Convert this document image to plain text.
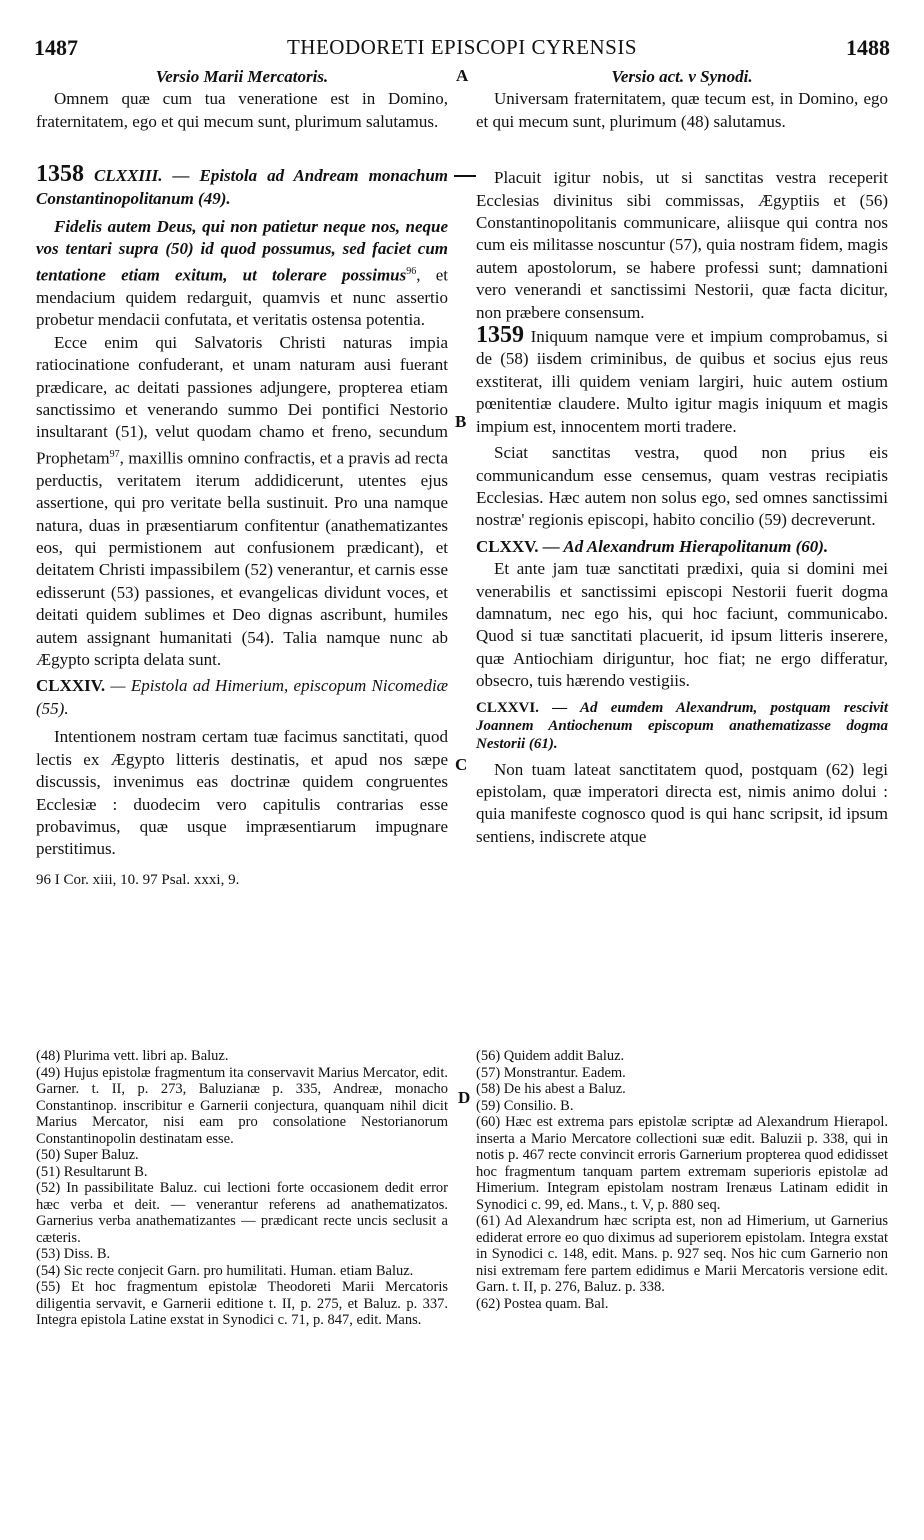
1487	THEODORETI EPISCOPI CYRENSIS	1488
A
B
C
D

Versio Marii Mercatoris.

Omnem quæ cum tua veneratione est in Domino, fraternitatem, ego et qui mecum sunt, plurimum salutamus.

1358 CLXXIII. — Epistola ad Andream monachum Constantinopolitanum (49).

Fidelis autem Deus, qui non patietur neque nos, neque vos tentari supra (50) id quod possumus, sed faciet cum tentatione etiam exitum, ut tolerare possimus$^{96}$, et mendacium quidem redarguit, quamvis et nunc assertio probetur mendacii confutata, et veritatis ostensa potentia.

Ecce enim qui Salvatoris Christi naturas impia ratiocinatione confuderant, et unam naturam ausi fuerant prædicare, ac deitati passiones adjungere, propterea etiam sanctissimo et venerando summo Dei pontifici Nestorio insultarant (51), velut quodam chamo et freno, secundum Prophetam$^{97}$, maxillis omnino confractis, et a pravis ad recta perductis, veritatem iterum addidicerunt, utentes ejus assertione, qui pro veritate bella sustinuit. Pro una namque natura, duas in præsentiarum confitentur (anathematizantes eos, qui permistionem aut confusionem prædicant), et deitatem Christi impassibilem (52) venerantur, et carnis esse edisserunt (53) passiones, et evangelicas dividunt voces, et deitati quidem sublimes et Deo dignas ascribunt, humiles autem assignant humanitati (54). Talia namque nunc ab Ægypto scripta delata sunt.

CLXXIV. — Epistola ad Himerium, episcopum Nicomediæ (55).

Intentionem nostram certam tuæ facimus sanctitati, quod lectis ex Ægypto litteris destinatis, et apud nos sæpe discussis, invenimus eas doctrinæ quidem congruentes Ecclesiæ : duodecim vero capitulis contrarias esse probavimus, quæ usque impræsentiarum impugnare perstitimus.

96 I Cor. xiii, 10. 97 Psal. xxxi, 9.

Versio act. v Synodi.

Universam fraternitatem, quæ tecum est, in Domino, ego et qui mecum sunt, plurimum (48) salutamus.

Placuit igitur nobis, ut si sanctitas vestra receperit Ecclesias divinitus sibi commissas, Ægyptiis et (56) Constantinopolitanis communicare, aliisque qui contra nos cum eis militasse noscuntur (57), quia nostram fidem, magis autem apostolorum, se habere professi sunt; damnationi vero venerandi et sanctissimi Nestorii, quæ facta dicitur, non præbere consensum.

1359 Iniquum namque vere et impium comprobamus, si de (58) iisdem criminibus, de quibus et socius ejus reus exstiterat, illi quidem veniam largiri, huic autem ostium pœnitentiæ claudere. Multo igitur magis iniquum et magis impium est, innocentem morti tradere.

Sciat sanctitas vestra, quod non prius eis communicandum esse censemus, quam vestras recipiatis Ecclesias. Hæc autem non solus ego, sed omnes sanctissimi nostræ' regionis episcopi, habito concilio (59) decreverunt.

CLXXV. — Ad Alexandrum Hierapolitanum (60).

Et ante jam tuæ sanctitati prædixi, quia si domini mei venerabilis et sanctissimi episcopi Nestorii fuerit dogma damnatum, nec ego his, qui hoc faciunt, communicabo. Quod si tuæ sanctitati placuerit, id ipsum litteris inserere, quæ Antiochiam diriguntur, hoc fiat; ne ergo differatur, obsecro, tuis hærendo vestigiis.

CLXXVI. — Ad eumdem Alexandrum, postquam rescivit Joannem Antiochenum episcopum anathematizasse dogma Nestorii (61).

Non tuam lateat sanctitatem quod, postquam (62) legi epistolam, quæ imperatori directa est, nimis animo dolui : quia manifeste cognosco quod is qui hanc scripsit, id ipsum sentiens, indiscrete atque

(48) Plurima vett. libri ap. Baluz.

(49) Hujus epistolæ fragmentum ita conservavit Marius Mercator, edit. Garner. t. II, p. 273, Baluzianæ p. 335, Andreæ, monacho Constantinop. inscribitur e Garnerii conjectura, quanquam nihil dicit Marius Mercator, nisi eam pro consolatione Nestorianorum Constantinopolin destinatam esse.

(50) Super Baluz.

(51) Resultarunt B.

(52) In passibilitate Baluz. cui lectioni forte occasionem dedit error hæc verba et deit. — venerantur referens ad anathematizatos. Garnerius verba anathematizantes — prædicant recte uncis seclusit a cæteris.

(53) Diss. B.

(54) Sic recte conjecit Garn. pro humilitati. Human. etiam Baluz.

(55) Et hoc fragmentum epistolæ Theodoreti Marii Mercatoris diligentia servavit, e Garnerii editione t. II, p. 275, et Baluz. p. 337. Integra epistola Latine exstat in Synodici c. 71, p. 847, edit. Mans.

(56) Quidem addit Baluz.

(57) Monstrantur. Eadem.

(58) De his abest a Baluz.

(59) Consilio. B.

(60) Hæc est extrema pars epistolæ scriptæ ad Alexandrum Hierapol. inserta a Mario Mercatore collectioni suæ edit. Baluzii p. 338, qui in notis p. 467 recte convincit erroris Garnerium propterea quod edidisset hoc fragmentum tanquam partem extremam superioris epistolæ ad Himerium. Integram epistolam nostram Irenæus Latinam edidit in Synodici c. 99, ed. Mans., t. V, p. 880 seq.

(61) Ad Alexandrum hæc scripta est, non ad Himerium, ut Garnerius ediderat errore eo quo diximus ad superiorem epistolam. Integra exstat in Synodici c. 148, edit. Mans. p. 927 seq. Nos hic cum Garnerio non nisi extremam fere partem edidimus e Marii Mercatoris versione edit. Garn. t. II, p. 276, Baluz. p. 338.

(62) Postea quam. Bal.
